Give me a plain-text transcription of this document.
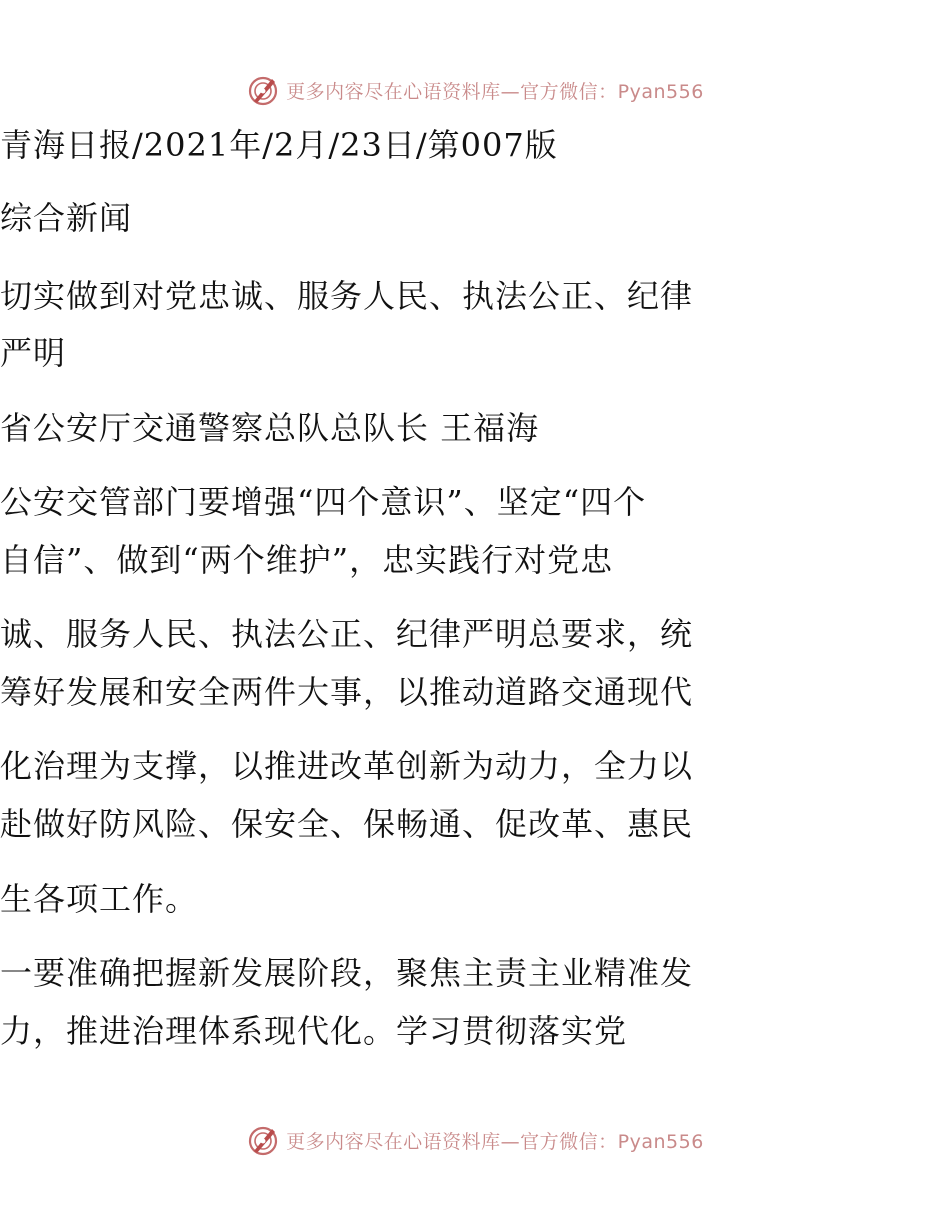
更多内容尽在心语资料库—官方微信：Pyan556
青海日报/2021年/2月/23日/第007版
综合新闻
切实做到对党忠诚、服务人民、执法公正、纪律
严明
省公安厅交通警察总队总队长 王福海
公安交管部门要增强“四个意识”、坚定“四个
自信”、做到“两个维护”，忠实践行对党忠
诚、服务人民、执法公正、纪律严明总要求，统
筹好发展和安全两件大事，以推动道路交通现代
化治理为支撑，以推进改革创新为动力，全力以
赴做好防风险、保安全、保畅通、促改革、惠民
生各项工作。
一要准确把握新发展阶段，聚焦主责主业精准发
力，推进治理体系现代化。学习贯彻落实党
更多内容尽在心语资料库—官方微信：Pyan556
